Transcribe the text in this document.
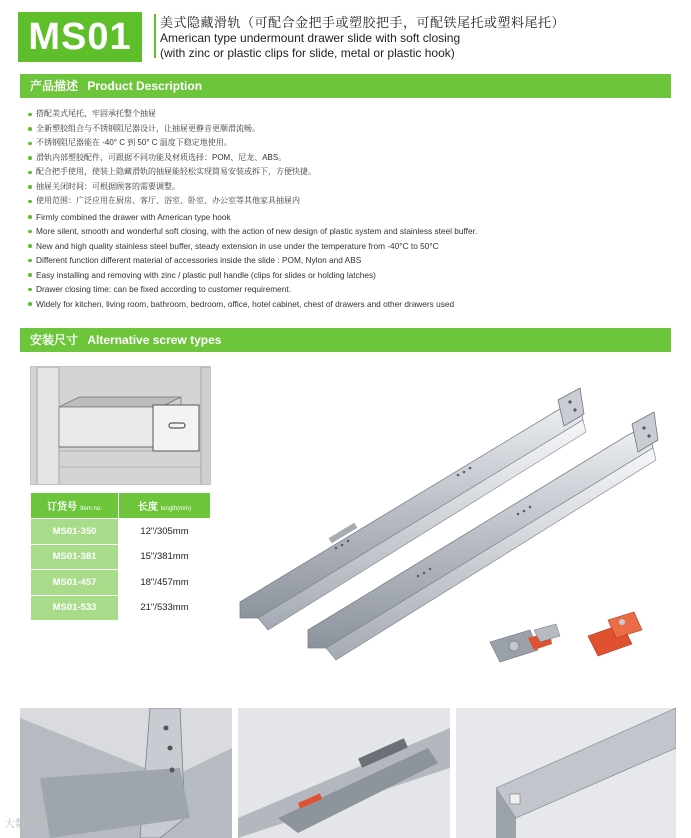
MS01	美式隐藏滑轨（可配合金把手或塑胶把手，可配铁尾托或塑料尾托）
American type undermount drawer slide with soft closing
(with zinc or plastic clips for slide, metal or plastic hook)
产品描述 Product Description
搭配美式尾托，牢固承托整个抽屉
全新塑胶组合与不锈钢阻尼器设计，让抽屉更静音更顺滑流畅。
不锈钢阻尼器能在 -40° C 到 50° C 温度下稳定地使用。
滑轨内部塑胶配件，可跟据不同功能及材质选择：POM、尼龙、ABS。
配合把手使用，使装上隐藏滑轨的抽屉能轻松实现简易安装或拆下，方便快捷。
抽屉关闭时间：可根据顾客的需要调整。
使用范围：广泛应用在厨房、客厅、浴室、卧室、办公室等其他家具抽屉内
Firmly combined the drawer with American type hook
More silent, smooth and wonderful soft closing, with the action of new design of plastic system and stainless steel buffer.
New and high quality stainless steel buffer, steady extension in use under the temperature from -40°C to 50°C
Different function different material of accessories inside the slide : POM, Nylon and ABS
Easy installing and removing with zinc / plastic pull handle (clips for slides or holding latches)
Drawer closing time: can be fixed according to customer requirement.
Widely for kitchen, living room, bathroom, bedroom, office, hotel cabinet, chest of drawers and other drawers used
安装尺寸 Alternative screw types
订货号 Item no.	长度 length(mm)
MS01-350	12"/305mm
MS01-381	15"/381mm
MS01-457	18"/457mm
MS01-533	21"/533mm
大数跨境
